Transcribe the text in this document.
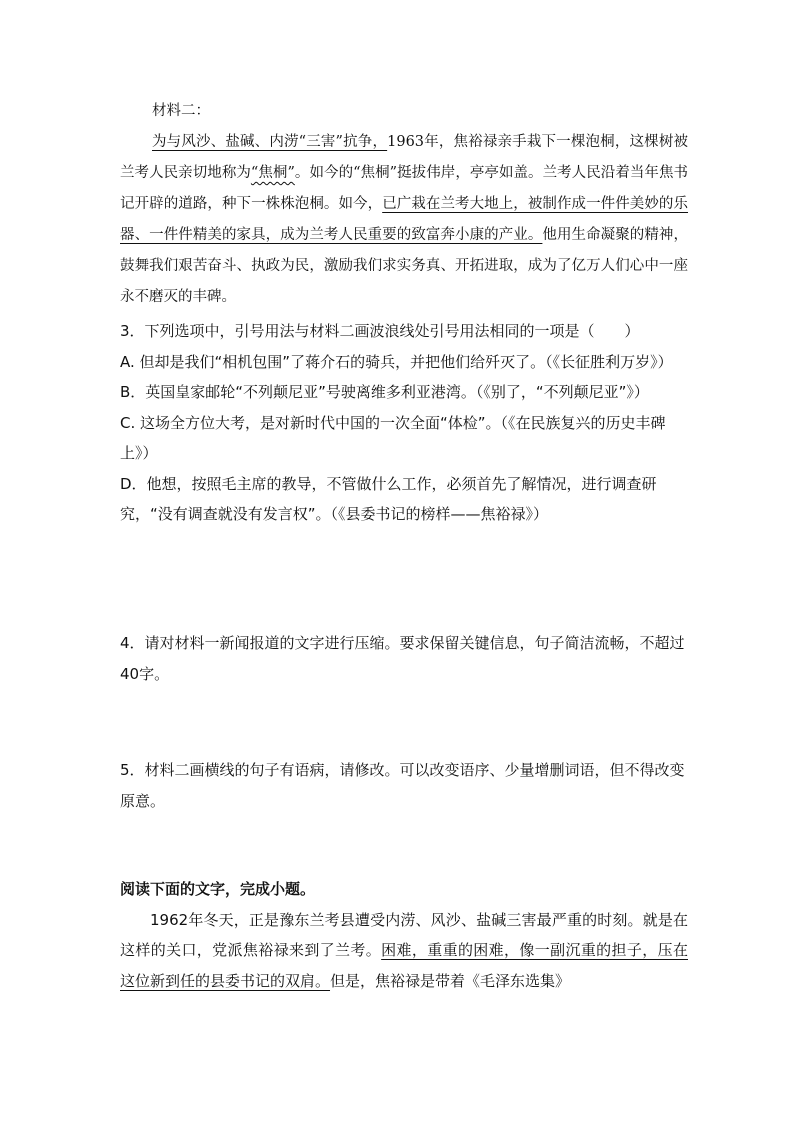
材料二：

为与风沙、盐碱、内涝“三害”抗争，1963年，焦裕禄亲手栽下一棵泡桐，这棵树被兰考人民亲切地称为“焦桐”。如今的“焦桐”挺拔伟岸，亭亭如盖。兰考人民沿着当年焦书记开辟的道路，种下一株株泡桐。如今，已广栽在兰考大地上，被制作成一件件美妙的乐器、一件件精美的家具，成为兰考人民重要的致富奔小康的产业。他用生命凝聚的精神，鼓舞我们艰苦奋斗、执政为民，激励我们求实务真、开拓进取，成为了亿万人们心中一座永不磨灭的丰碑。

3．下列选项中，引号用法与材料二画波浪线处引号用法相同的一项是（　　）

A. 但却是我们“相机包围”了蒋介石的骑兵，并把他们给歼灭了。（《长征胜利万岁》）

B．英国皇家邮轮“不列颠尼亚”号驶离维多利亚港湾。（《别了，“不列颠尼亚”》）

C. 这场全方位大考，是对新时代中国的一次全面“体检”。（《在民族复兴的历史丰碑上》）

D．他想，按照毛主席的教导，不管做什么工作，必须首先了解情况，进行调查研究，“没有调查就没有发言权”。（《县委书记的榜样——焦裕禄》）

4．请对材料一新闻报道的文字进行压缩。要求保留关键信息，句子简洁流畅，不超过40字。

5．材料二画横线的句子有语病，请修改。可以改变语序、少量增删词语，但不得改变原意。

阅读下面的文字，完成小题。

1962年冬天，正是豫东兰考县遭受内涝、风沙、盐碱三害最严重的时刻。就是在这样的关口，党派焦裕禄来到了兰考。困难，重重的困难，像一副沉重的担子，压在这位新到任的县委书记的双肩。但是，焦裕禄是带着《毛泽东选集》
